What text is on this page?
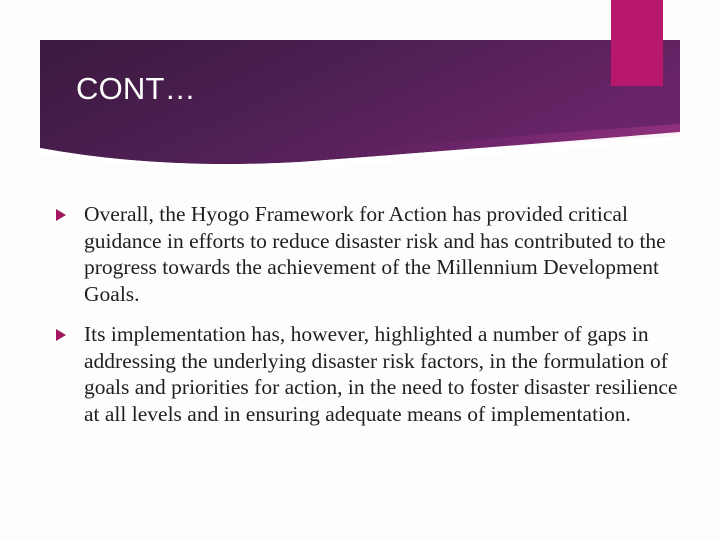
CONT…
Overall, the Hyogo Framework for Action has provided critical guidance in efforts to reduce disaster risk and has contributed to the progress towards the achievement of the Millennium Development Goals.
Its implementation has, however, highlighted a number of gaps in addressing the underlying disaster risk factors, in the formulation of goals and priorities for action, in the need to foster disaster resilience at all levels and in ensuring adequate means of implementation.
